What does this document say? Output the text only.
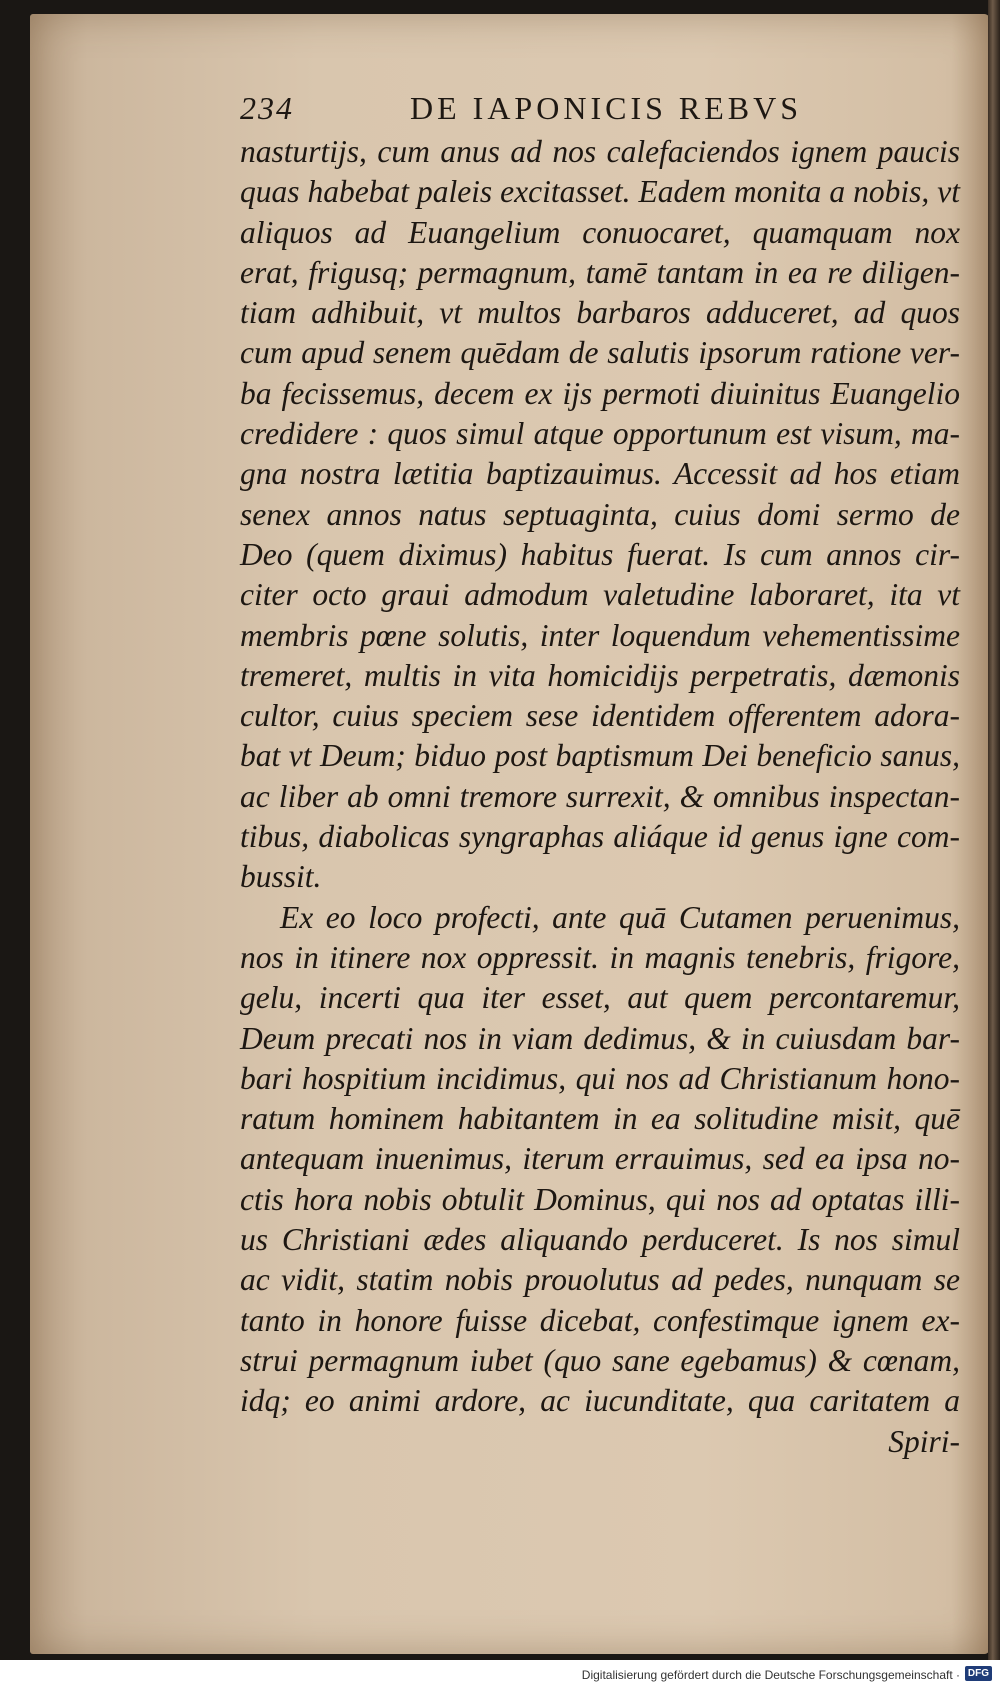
234	DE IAPONICIS REBVS
nasturtijs, cum anus ad nos calefaciendos ignem paucis
quas habebat paleis excitasset. Eadem monita a nobis, vt
aliquos ad Euangelium conuocaret, quamquam nox
erat, frigusq; permagnum, tamē tantam in ea re diligen-
tiam adhibuit, vt multos barbaros adduceret, ad quos
cum apud senem quēdam de salutis ipsorum ratione ver-
ba fecissemus, decem ex ijs permoti diuinitus Euangelio
credidere : quos simul atque opportunum est visum, ma-
gna nostra lætitia baptizauimus. Accessit ad hos etiam
senex annos natus septuaginta, cuius domi sermo de
Deo (quem diximus) habitus fuerat. Is cum annos cir-
citer octo graui admodum valetudine laboraret, ita vt
membris pœne solutis, inter loquendum vehementissime
tremeret, multis in vita homicidijs perpetratis, dæmonis
cultor, cuius speciem sese identidem offerentem adora-
bat vt Deum; biduo post baptismum Dei beneficio sanus,
ac liber ab omni tremore surrexit, & omnibus inspectan-
tibus, diabolicas syngraphas aliáque id genus igne com-
bussit.
Ex eo loco profecti, ante quā Cutamen peruenimus,
nos in itinere nox oppressit. in magnis tenebris, frigore,
gelu, incerti qua iter esset, aut quem percontaremur,
Deum precati nos in viam dedimus, & in cuiusdam bar-
bari hospitium incidimus, qui nos ad Christianum hono-
ratum hominem habitantem in ea solitudine misit, quē
antequam inuenimus, iterum errauimus, sed ea ipsa no-
ctis hora nobis obtulit Dominus, qui nos ad optatas illi-
us Christiani ædes aliquando perduceret. Is nos simul
ac vidit, statim nobis prouolutus ad pedes, nunquam se
tanto in honore fuisse dicebat, confestimque ignem ex-
strui permagnum iubet (quo sane egebamus) & cœnam,
idq; eo animi ardore, ac iucunditate, qua caritatem a
Spiri-
Digitalisierung gefördert durch die Deutsche Forschungsgemeinschaft · DFG
